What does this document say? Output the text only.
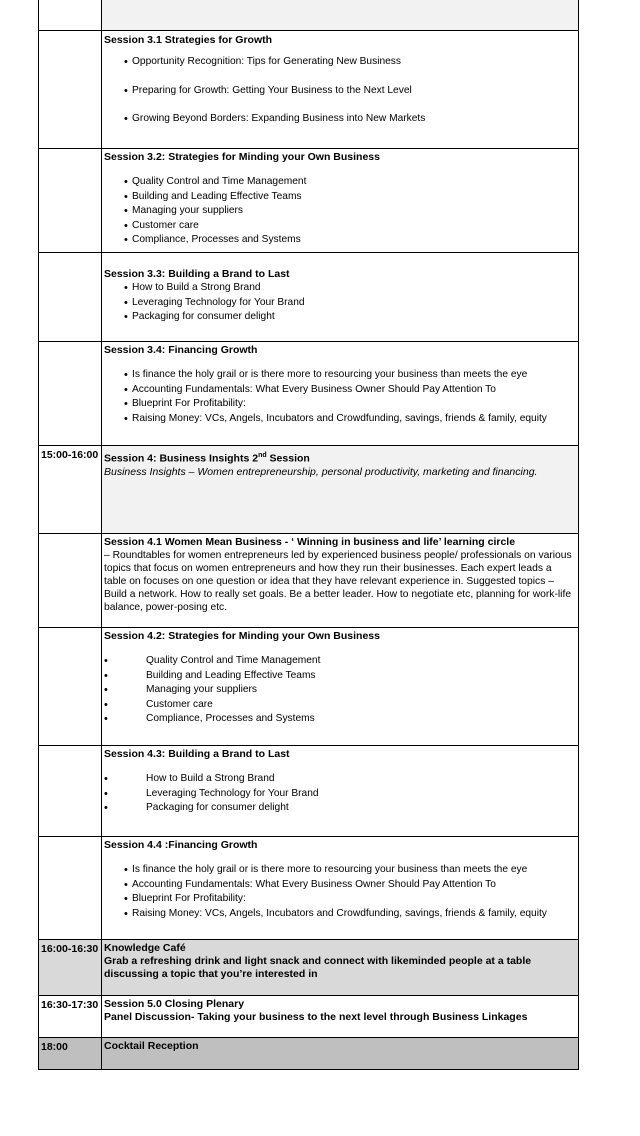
Session 3.1 Strategies for Growth
• Opportunity Recognition: Tips for Generating New Business
• Preparing for Growth: Getting Your Business to the Next Level
• Growing Beyond Borders: Expanding Business into New Markets
Session 3.2: Strategies for Minding your Own Business
• Quality Control and Time Management
• Building and Leading Effective Teams
• Managing your suppliers
• Customer care
• Compliance, Processes and Systems
Session 3.3: Building a Brand to Last
• How to Build a Strong Brand
• Leveraging Technology for Your Brand
• Packaging for consumer delight
Session 3.4: Financing Growth
• Is finance the holy grail or is there more to resourcing your business than meets the eye
• Accounting Fundamentals: What Every Business Owner Should Pay Attention To
• Blueprint For Profitability:
• Raising Money: VCs, Angels, Incubators and Crowdfunding, savings, friends & family, equity
15:00-16:00 Session 4: Business Insights 2nd Session
Business Insights – Women entrepreneurship, personal productivity, marketing and financing.
Session 4.1 Women Mean Business - ‘ Winning in business and life’ learning circle
– Roundtables for women entrepreneurs led by experienced business people/ professionals on various topics that focus on women entrepreneurs and how they run their businesses. Each expert leads a table on focuses on one question or idea that they have relevant experience in. Suggested topics – Build a network. How to really set goals. Be a better leader. How to negotiate etc, planning for work-life balance, power-posing etc.
Session 4.2: Strategies for Minding your Own Business
• Quality Control and Time Management
• Building and Leading Effective Teams
• Managing your suppliers
• Customer care
• Compliance, Processes and Systems
Session 4.3: Building a Brand to Last
• How to Build a Strong Brand
• Leveraging Technology for Your Brand
• Packaging for consumer delight
Session 4.4 :Financing Growth
• Is finance the holy grail or is there more to resourcing your business than meets the eye
• Accounting Fundamentals: What Every Business Owner Should Pay Attention To
• Blueprint For Profitability:
• Raising Money: VCs, Angels, Incubators and Crowdfunding, savings, friends & family, equity
16:00-16:30 Knowledge Café
Grab a refreshing drink and light snack and connect with likeminded people at a table discussing a topic that you’re interested in
16:30-17:30 Session 5.0 Closing Plenary
Panel Discussion- Taking your business to the next level through Business Linkages
18:00	Cocktail Reception
